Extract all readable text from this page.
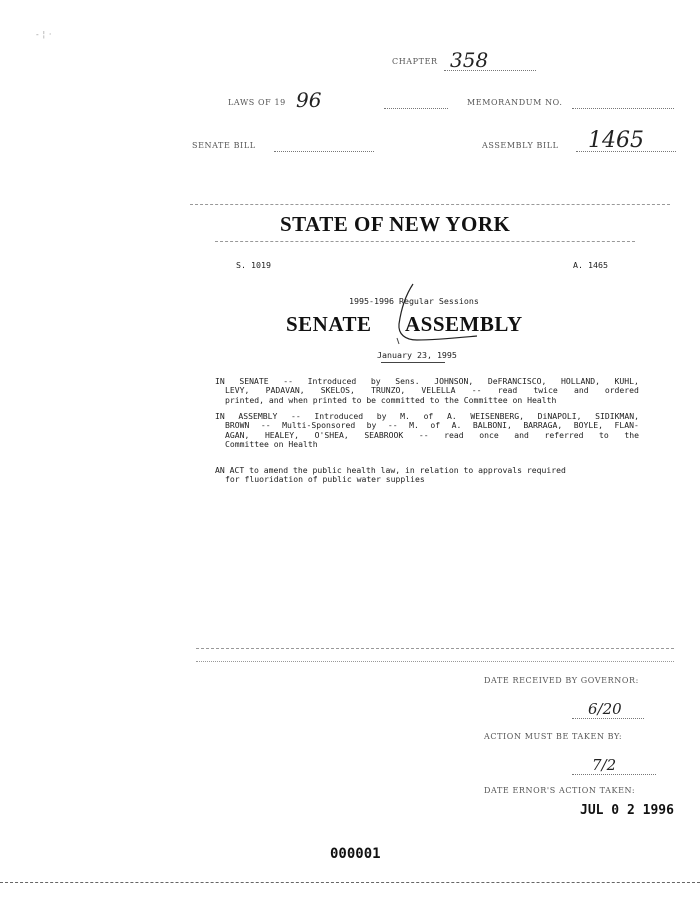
- ¦ ·
CHAPTER 358
LAWS OF 19 96	MEMORANDUM NO.
SENATE BILL	ASSEMBLY BILL 1465
STATE OF NEW YORK
S. 1019	A. 1465
1995-1996 Regular Sessions
SENATE ASSEMBLY
January 23, 1995
IN SENATE -- Introduced by Sens. JOHNSON, DeFRANCISCO, HOLLAND, KUHL,
LEVY, PADAVAN, SKELOS, TRUNZO, VELELLA -- read twice and ordered
printed, and when printed to be committed to the Committee on Health
IN ASSEMBLY -- Introduced by M. of A. WEISENBERG, DiNAPOLI, SIDIKMAN,
BROWN -- Multi-Sponsored by -- M. of A. BALBONI, BARRAGA, BOYLE, FLAN-
AGAN, HEALEY, O'SHEA, SEABROOK -- read once and referred to the
Committee on Health
AN ACT to amend the public health law, in relation to approvals required
for fluoridation of public water supplies
DATE RECEIVED BY GOVERNOR:
6/20
ACTION MUST BE TAKEN BY:
7/2
DATE ERNOR'S ACTION TAKEN:
JUL 0 2 1996
000001
